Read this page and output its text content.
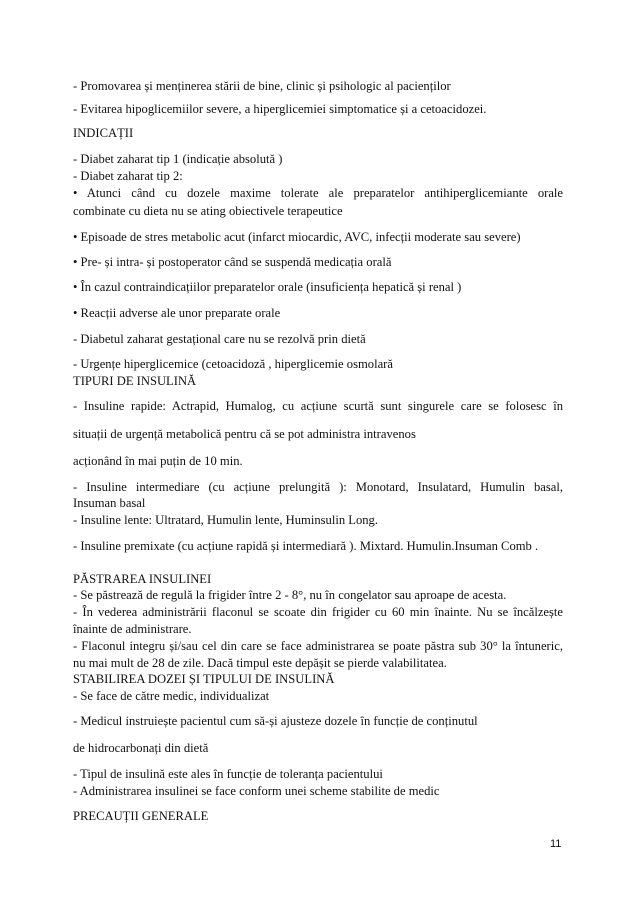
- Promovarea și menținerea stării de bine, clinic și psihologic al pacienților
- Evitarea hipoglicemiilor severe, a hiperglicemiei simptomatice și a cetoacidozei.
INDICAȚII
- Diabet zaharat tip 1 (indicație absolută )
- Diabet zaharat tip 2:
• Atunci când cu dozele maxime tolerate ale preparatelor antihiperglicemiante orale
combinate cu dieta nu se ating obiectivele terapeutice
• Episoade de stres metabolic acut (infarct miocardic, AVC, infecții moderate sau severe)
• Pre- și intra- și postoperator când se suspendă medicația orală
• În cazul contraindicațiilor preparatelor orale (insuficiența hepatică și renal )
• Reacții adverse ale unor preparate orale
- Diabetul zaharat gestațional care nu se rezolvă prin dietă
- Urgențe hiperglicemice (cetoacidoză , hiperglicemie osmolară
TIPURI DE INSULINĂ
- Insuline rapide: Actrapid, Humalog, cu acțiune scurtă sunt singurele care se folosesc în
situații de urgență metabolică pentru că se pot administra intravenos
acționând în mai puțin de 10 min.
- Insuline intermediare (cu acțiune prelungită ): Monotard, Insulatard, Humulin basal,
Insuman basal
- Insuline lente: Ultratard, Humulin lente, Huminsulin Long.
- Insuline premixate (cu acțiune rapidă și intermediară ). Mixtard. Humulin.Insuman Comb .
PĂSTRAREA INSULINEI
- Se păstrează de regulă la frigider între 2 - 8°, nu în congelator sau aproape de acesta.
- În vederea administrării flaconul se scoate din frigider cu 60 min înainte. Nu se încălzește
înainte de administrare.
- Flaconul integru și/sau cel din care se face administrarea se poate păstra sub 30° la întuneric,
nu mai mult de 28 de zile. Dacă timpul este depășit se pierde valabilitatea.
STABILIREA DOZEI ȘI TIPULUI DE INSULINĂ
- Se face de către medic, individualizat
- Medicul instruiește pacientul cum să-și ajusteze dozele în funcție de conținutul
de hidrocarbonați din dietă
- Tipul de insulină este ales în funcție de toleranța pacientului
- Administrarea insulinei se face conform unei scheme stabilite de medic
PRECAUȚII GENERALE
11
